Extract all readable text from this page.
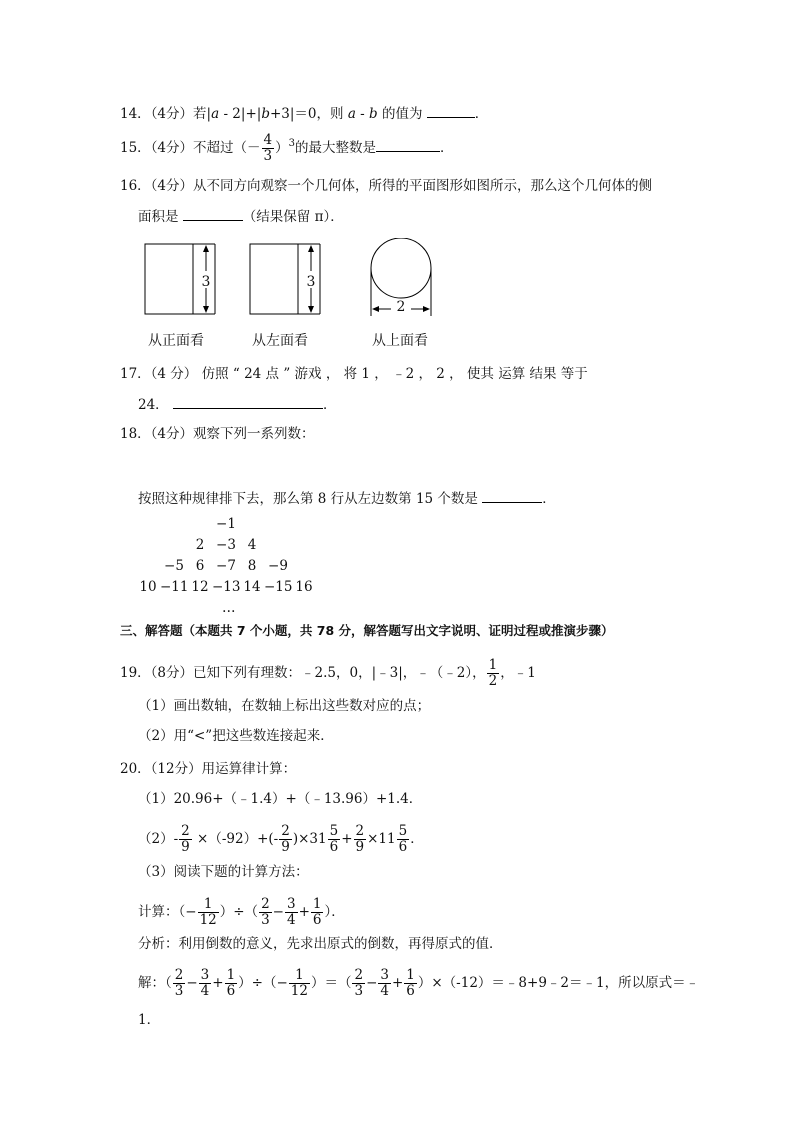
14．（4分）若|a - 2|+|b+3|＝0，则 a - b 的值为	．
15．（4分）不超过（－ $\frac{4}{3} )^3$的最大整数是	．
16．（4分）从不同方向观察一个几何体，所得的平面图形如图所示，那么这个几何体的侧
面积是	（结果保留 π）．
3	3
2
从正面看	从左面看	从上面看
17．（4 分） 仿照 “ 24 点 ” 游戏 ， 将 1 ， ﹣2 ， 2 ， 使其 运算 结果 等于
24．	．
18．（4分）观察下列一系列数：
按照这种规律排下去，那么第 8 行从左边数第 15 个数是	．
−1
2 −3 4
−5 6 −7 8 −9
10 −11 12 −13 14 −15 16
…
三、解答题（本题共 7 个小题，共 78 分，解答题写出文字说明、证明过程或推演步骤）
19．（8分）已知下列有理数：﹣2.5，0，|﹣3|，﹣（﹣2）， $\frac{1}{2}$ ，﹣1
（1）画出数轴，在数轴上标出这些数对应的点；
（2）用“<”把这些数连接起来．
20．（12分）用运算律计算：
（1）20.96+（﹣1.4）+（﹣13.96）+1.4．
$(2)- \frac{2}{9} \times(-92)+(- \frac{2}{9} )\times 31 \frac{5}{6} + \frac{2}{9} \times 11 \frac{5}{6}$ ．
（3）阅读下题的计算方法：
计算：（− $\frac{1}{12}$ ）÷（ $\frac{2}{3} - \frac{3}{4} + \frac{1}{6}$ ）．
分析：利用倒数的意义，先求出原式的倒数，再得原式的值．
解：（ $\frac{2}{3} - \frac{3}{4} + \frac{1}{6}$ ）÷（− $\frac{1}{12}$ ）＝（ $\frac{2}{3} - \frac{3}{4} + \frac{1}{6}$ ）×（-12）＝﹣8+9﹣2＝﹣1，所以原式＝﹣
1．
